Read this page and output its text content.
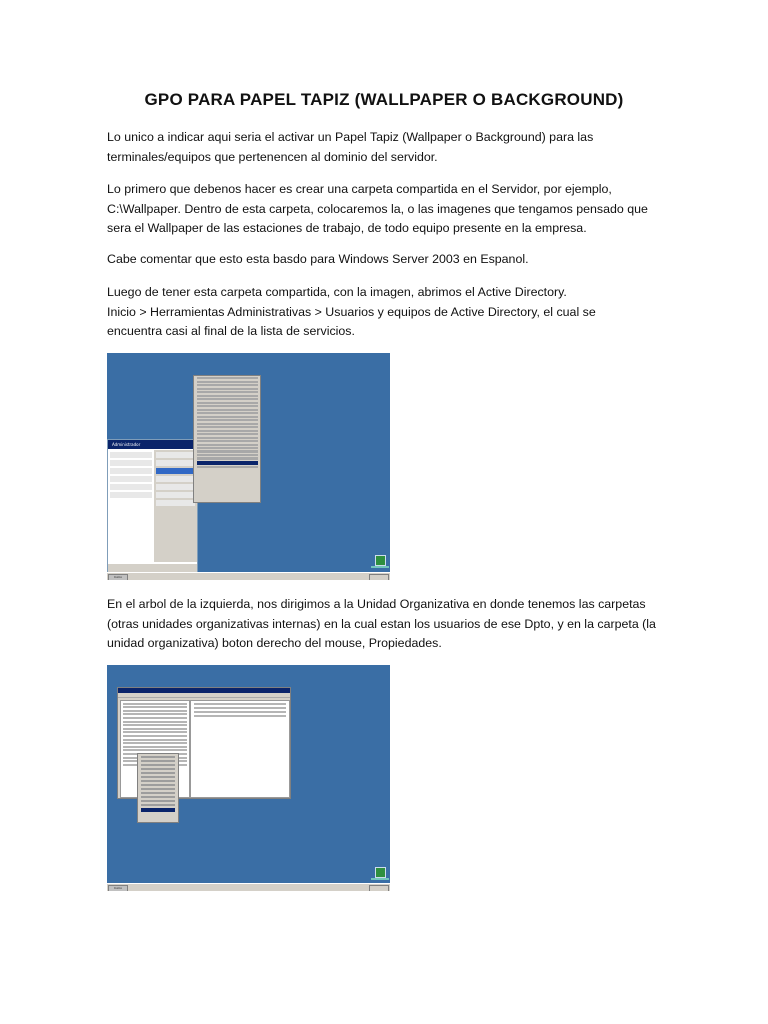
GPO PARA PAPEL TAPIZ (WALLPAPER O BACKGROUND)
Lo unico a indicar aqui seria el activar un Papel Tapiz (Wallpaper o Background) para las
terminales/equipos que pertenencen al dominio del servidor.
Lo primero que debenos hacer es crear una carpeta compartida en el Servidor, por ejemplo,
C:\Wallpaper. Dentro de esta carpeta, colocaremos la, o las imagenes que tengamos pensado que
sera el Wallpaper de las estaciones de trabajo, de todo equipo presente en la empresa.
Cabe comentar que esto esta basdo para Windows Server 2003 en Espanol.
Luego de tener esta carpeta compartida, con la imagen, abrimos el Active Directory.
Inicio > Herramientas Administrativas > Usuarios y equipos de Active Directory, el cual se
encuentra casi al final de la lista de servicios.
Administrador
Inicio
En el arbol de la izquierda, nos dirigimos a la Unidad Organizativa en donde tenemos las carpetas
(otras unidades organizativas internas) en la cual estan los usuarios de ese Dpto, y en la carpeta (la
unidad organizativa) boton derecho del mouse, Propiedades.
Inicio
